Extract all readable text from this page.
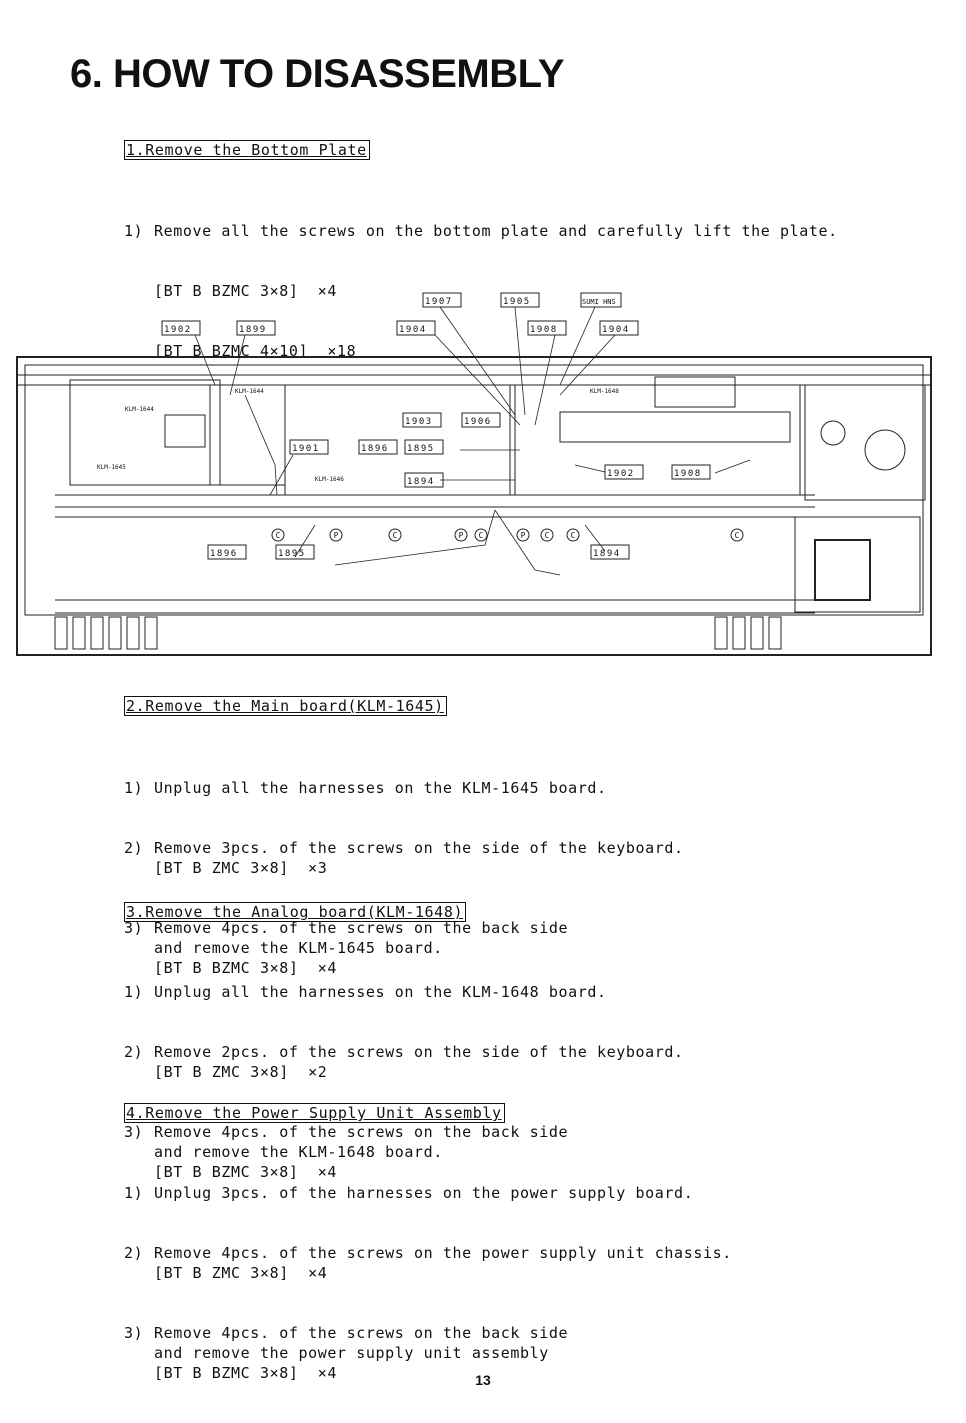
6. HOW TO DISASSEMBLY
1.Remove the Bottom Plate

1) Remove all the screws on the bottom plate and carefully lift the plate.

[BT B BZMC 3×8]  ×4

[BT B BZMC 4×10]  ×18

1907	1905	SUMI HNS
1902	1899	1904	1908	1904
1903	1906
1901	1896 1895
1894
1902	1908
1896	1895	1894
KLM-1645
KLM-1644
KLM-1646
KLM-1648
KLM-1644
C	P	C	P C	P C	C	C
2.Remove the Main board(KLM-1645)

1) Unplug all the harnesses on the KLM-1645 board.

2) Remove 3pcs. of the screws on the side of the keyboard.
[BT B ZMC 3×8]  ×3

3) Remove 4pcs. of the screws on the back side
and remove the KLM-1645 board.
[BT B BZMC 3×8]  ×4

3.Remove the Analog board(KLM-1648)

1) Unplug all the harnesses on the KLM-1648 board.

2) Remove 2pcs. of the screws on the side of the keyboard.
[BT B ZMC 3×8]  ×2

3) Remove 4pcs. of the screws on the back side
and remove the KLM-1648 board.
[BT B BZMC 3×8]  ×4

4.Remove the Power Supply Unit Assembly

1) Unplug 3pcs. of the harnesses on the power supply board.

2) Remove 4pcs. of the screws on the power supply unit chassis.
[BT B ZMC 3×8]  ×4

3) Remove 4pcs. of the screws on the back side
and remove the power supply unit assembly
[BT B BZMC 3×8]  ×4

	13
